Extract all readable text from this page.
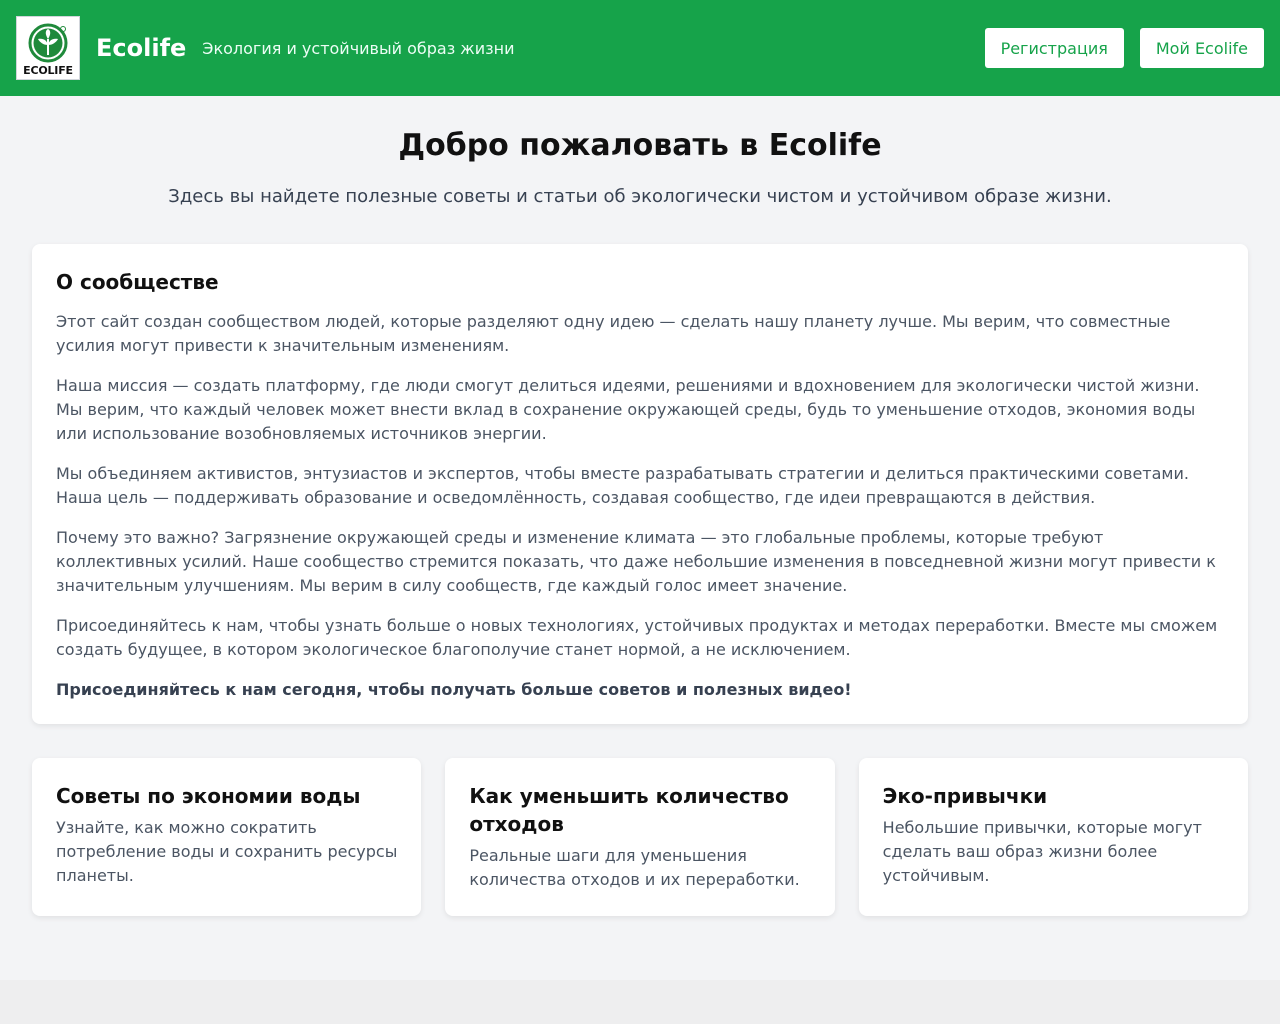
ECOLIFE
Ecolife Экология и устойчивый образ жизни	Регистрация	Мой Ecolife
Добро пожаловать в Ecolife

Здесь вы найдете полезные советы и статьи об экологически чистом и устойчивом образе жизни.

О сообществе

Этот сайт создан сообществом людей, которые разделяют одну идею — сделать нашу планету лучше. Мы верим, что совместные усилия могут привести к значительным изменениям.

Наша миссия — создать платформу, где люди смогут делиться идеями, решениями и вдохновением для экологически чистой жизни. Мы верим, что каждый человек может внести вклад в сохранение окружающей среды, будь то уменьшение отходов, экономия воды или использование возобновляемых источников энергии.

Мы объединяем активистов, энтузиастов и экспертов, чтобы вместе разрабатывать стратегии и делиться практическими советами. Наша цель — поддерживать образование и осведомлённость, создавая сообщество, где идеи превращаются в действия.

Почему это важно? Загрязнение окружающей среды и изменение климата — это глобальные проблемы, которые требуют коллективных усилий. Наше сообщество стремится показать, что даже небольшие изменения в повседневной жизни могут привести к значительным улучшениям. Мы верим в силу сообществ, где каждый голос имеет значение.

Присоединяйтесь к нам, чтобы узнать больше о новых технологиях, устойчивых продуктах и методах переработки. Вместе мы сможем создать будущее, в котором экологическое благополучие станет нормой, а не исключением.

Присоединяйтесь к нам сегодня, чтобы получать больше советов и полезных видео!

Советы по экономии воды

Узнайте, как можно сократить потребление воды и сохранить ресурсы планеты.

Как уменьшить количество отходов

Реальные шаги для уменьшения количества отходов и их переработки.

Эко-привычки

Небольшие привычки, которые могут сделать ваш образ жизни более устойчивым.
